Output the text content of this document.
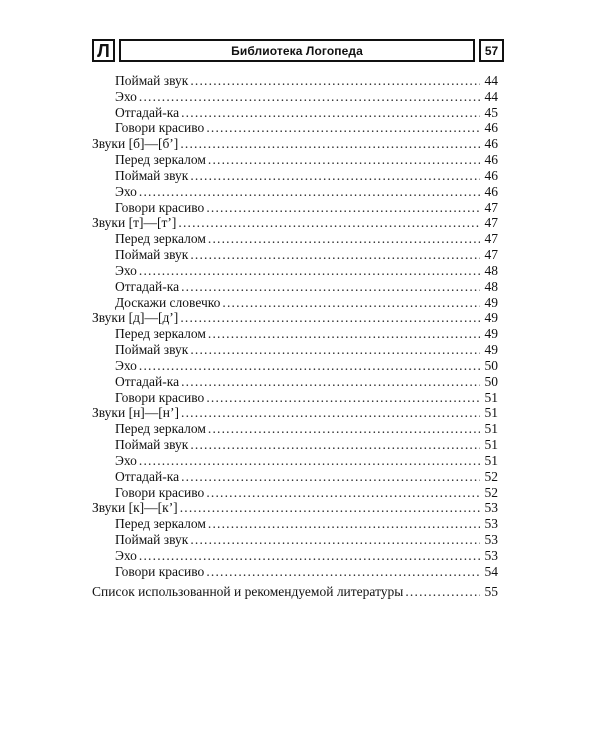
Л	Библиотека Логопеда	57
Поймай звук .....	44
Эхо .....	44
Отгадай-ка .....	45
Говори красиво .....	46
Звуки [б]—[б’] .....	46
Перед зеркалом .....	46
Поймай звук .....	46
Эхо .....	46
Говори красиво .....	47
Звуки [т]—[т’] .....	47
Перед зеркалом .....	47
Поймай звук .....	47
Эхо .....	48
Отгадай-ка .....	48
Доскажи словечко .....	49
Звуки [д]—[д’] .....	49
Перед зеркалом .....	49
Поймай звук .....	49
Эхо .....	50
Отгадай-ка .....	50
Говори красиво .....	51
Звуки [н]—[н’] .....	51
Перед зеркалом .....	51
Поймай звук .....	51
Эхо .....	51
Отгадай-ка .....	52
Говори красиво .....	52
Звуки [к]—[к’] .....	53
Перед зеркалом .....	53
Поймай звук .....	53
Эхо .....	53
Говори красиво .....	54
Список использованной и рекомендуемой литературы .....	55
